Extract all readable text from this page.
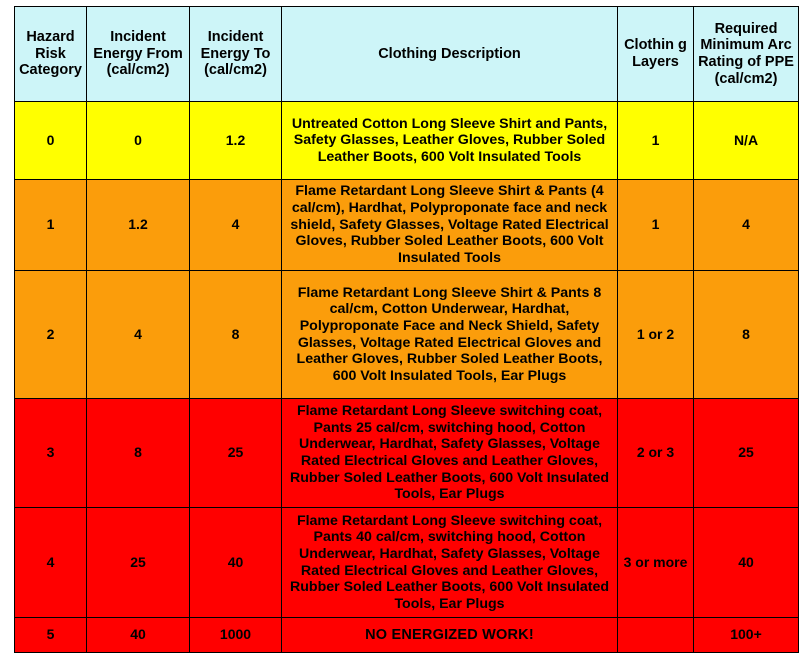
Hazard Risk Category	Incident Energy From (cal/cm2)	Incident Energy To (cal/cm2)	Clothing Description	Clothin g Layers	Required Minimum Arc Rating of PPE (cal/cm2)
0	0	1.2	Untreated Cotton Long Sleeve Shirt and Pants, Safety Glasses, Leather Gloves, Rubber Soled Leather Boots, 600 Volt Insulated Tools	1	N/A
1	1.2	4	Flame Retardant Long Sleeve Shirt & Pants (4 cal/cm), Hardhat, Polyproponate face and neck shield, Safety Glasses, Voltage Rated Electrical Gloves, Rubber Soled Leather Boots, 600 Volt Insulated Tools	1	4
2	4	8	Flame Retardant Long Sleeve Shirt & Pants 8 cal/cm, Cotton Underwear, Hardhat, Polyproponate Face and Neck Shield, Safety Glasses, Voltage Rated Electrical Gloves and Leather Gloves, Rubber Soled Leather Boots, 600 Volt Insulated Tools, Ear Plugs	1 or 2	8
3	8	25	Flame Retardant Long Sleeve switching coat, Pants 25 cal/cm, switching hood, Cotton Underwear, Hardhat, Safety Glasses, Voltage Rated Electrical Gloves and Leather Gloves, Rubber Soled Leather Boots, 600 Volt Insulated Tools, Ear Plugs	2 or 3	25
4	25	40	Flame Retardant Long Sleeve switching coat, Pants 40 cal/cm, switching hood, Cotton Underwear, Hardhat, Safety Glasses, Voltage Rated Electrical Gloves and Leather Gloves, Rubber Soled Leather Boots, 600 Volt Insulated Tools, Ear Plugs	3 or more	40
5	40	1000	NO ENERGIZED WORK!		100+
